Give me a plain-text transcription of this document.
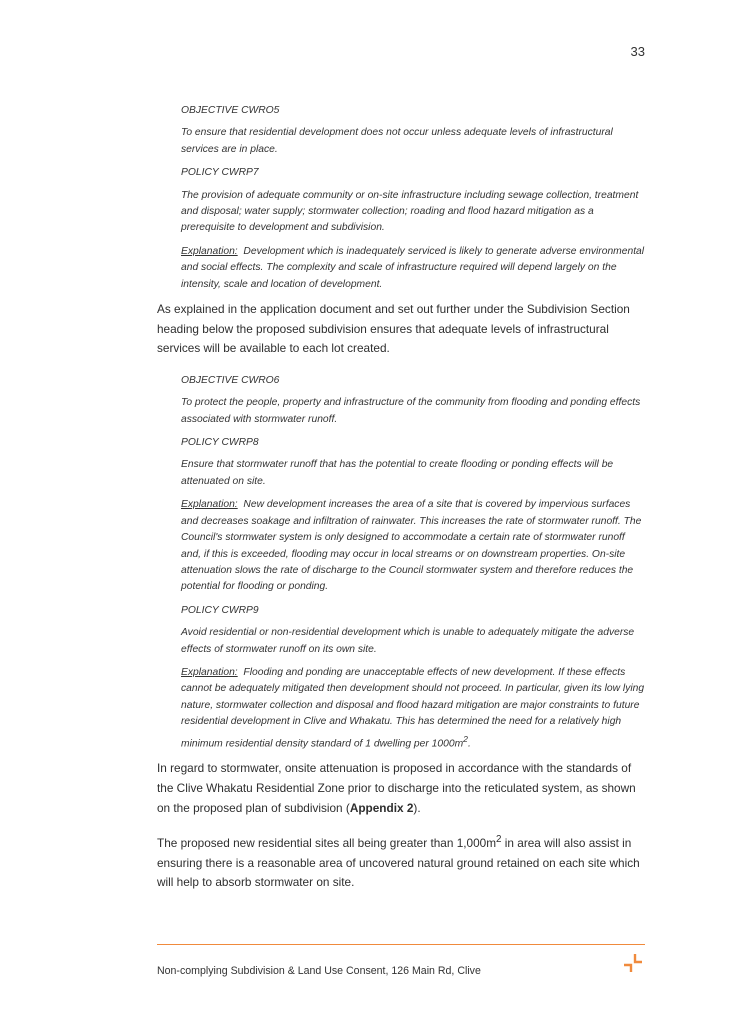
33

OBJECTIVE CWRO5

To ensure that residential development does not occur unless adequate levels of infrastructural services are in place.

POLICY CWRP7

The provision of adequate community or on-site infrastructure including sewage collection, treatment and disposal; water supply; stormwater collection; roading and flood hazard mitigation as a prerequisite to development and subdivision.

Explanation: Development which is inadequately serviced is likely to generate adverse environmental and social effects. The complexity and scale of infrastructure required will depend largely on the intensity, scale and location of development.

As explained in the application document and set out further under the Subdivision Section heading below the proposed subdivision ensures that adequate levels of infrastructural services will be available to each lot created.

OBJECTIVE CWRO6

To protect the people, property and infrastructure of the community from flooding and ponding effects associated with stormwater runoff.

POLICY CWRP8

Ensure that stormwater runoff that has the potential to create flooding or ponding effects will be attenuated on site.

Explanation: New development increases the area of a site that is covered by impervious surfaces and decreases soakage and infiltration of rainwater. This increases the rate of stormwater runoff. The Council's stormwater system is only designed to accommodate a certain rate of stormwater runoff and, if this is exceeded, flooding may occur in local streams or on downstream properties. On-site attenuation slows the rate of discharge to the Council stormwater system and therefore reduces the potential for flooding or ponding.

POLICY CWRP9

Avoid residential or non-residential development which is unable to adequately mitigate the adverse effects of stormwater runoff on its own site.

Explanation: Flooding and ponding are unacceptable effects of new development. If these effects cannot be adequately mitigated then development should not proceed. In particular, given its low lying nature, stormwater collection and disposal and flood hazard mitigation are major constraints to future residential development in Clive and Whakatu. This has determined the need for a relatively high minimum residential density standard of 1 dwelling per $1000m^2$.

In regard to stormwater, onsite attenuation is proposed in accordance with the standards of the Clive Whakatu Residential Zone prior to discharge into the reticulated system, as shown on the proposed plan of subdivision (Appendix 2).

The proposed new residential sites all being greater than $1,000m^2$ in area will also assist in ensuring there is a reasonable area of uncovered natural ground retained on each site which will help to absorb stormwater on site.

Non-complying Subdivision & Land Use Consent, 126 Main Rd, Clive
